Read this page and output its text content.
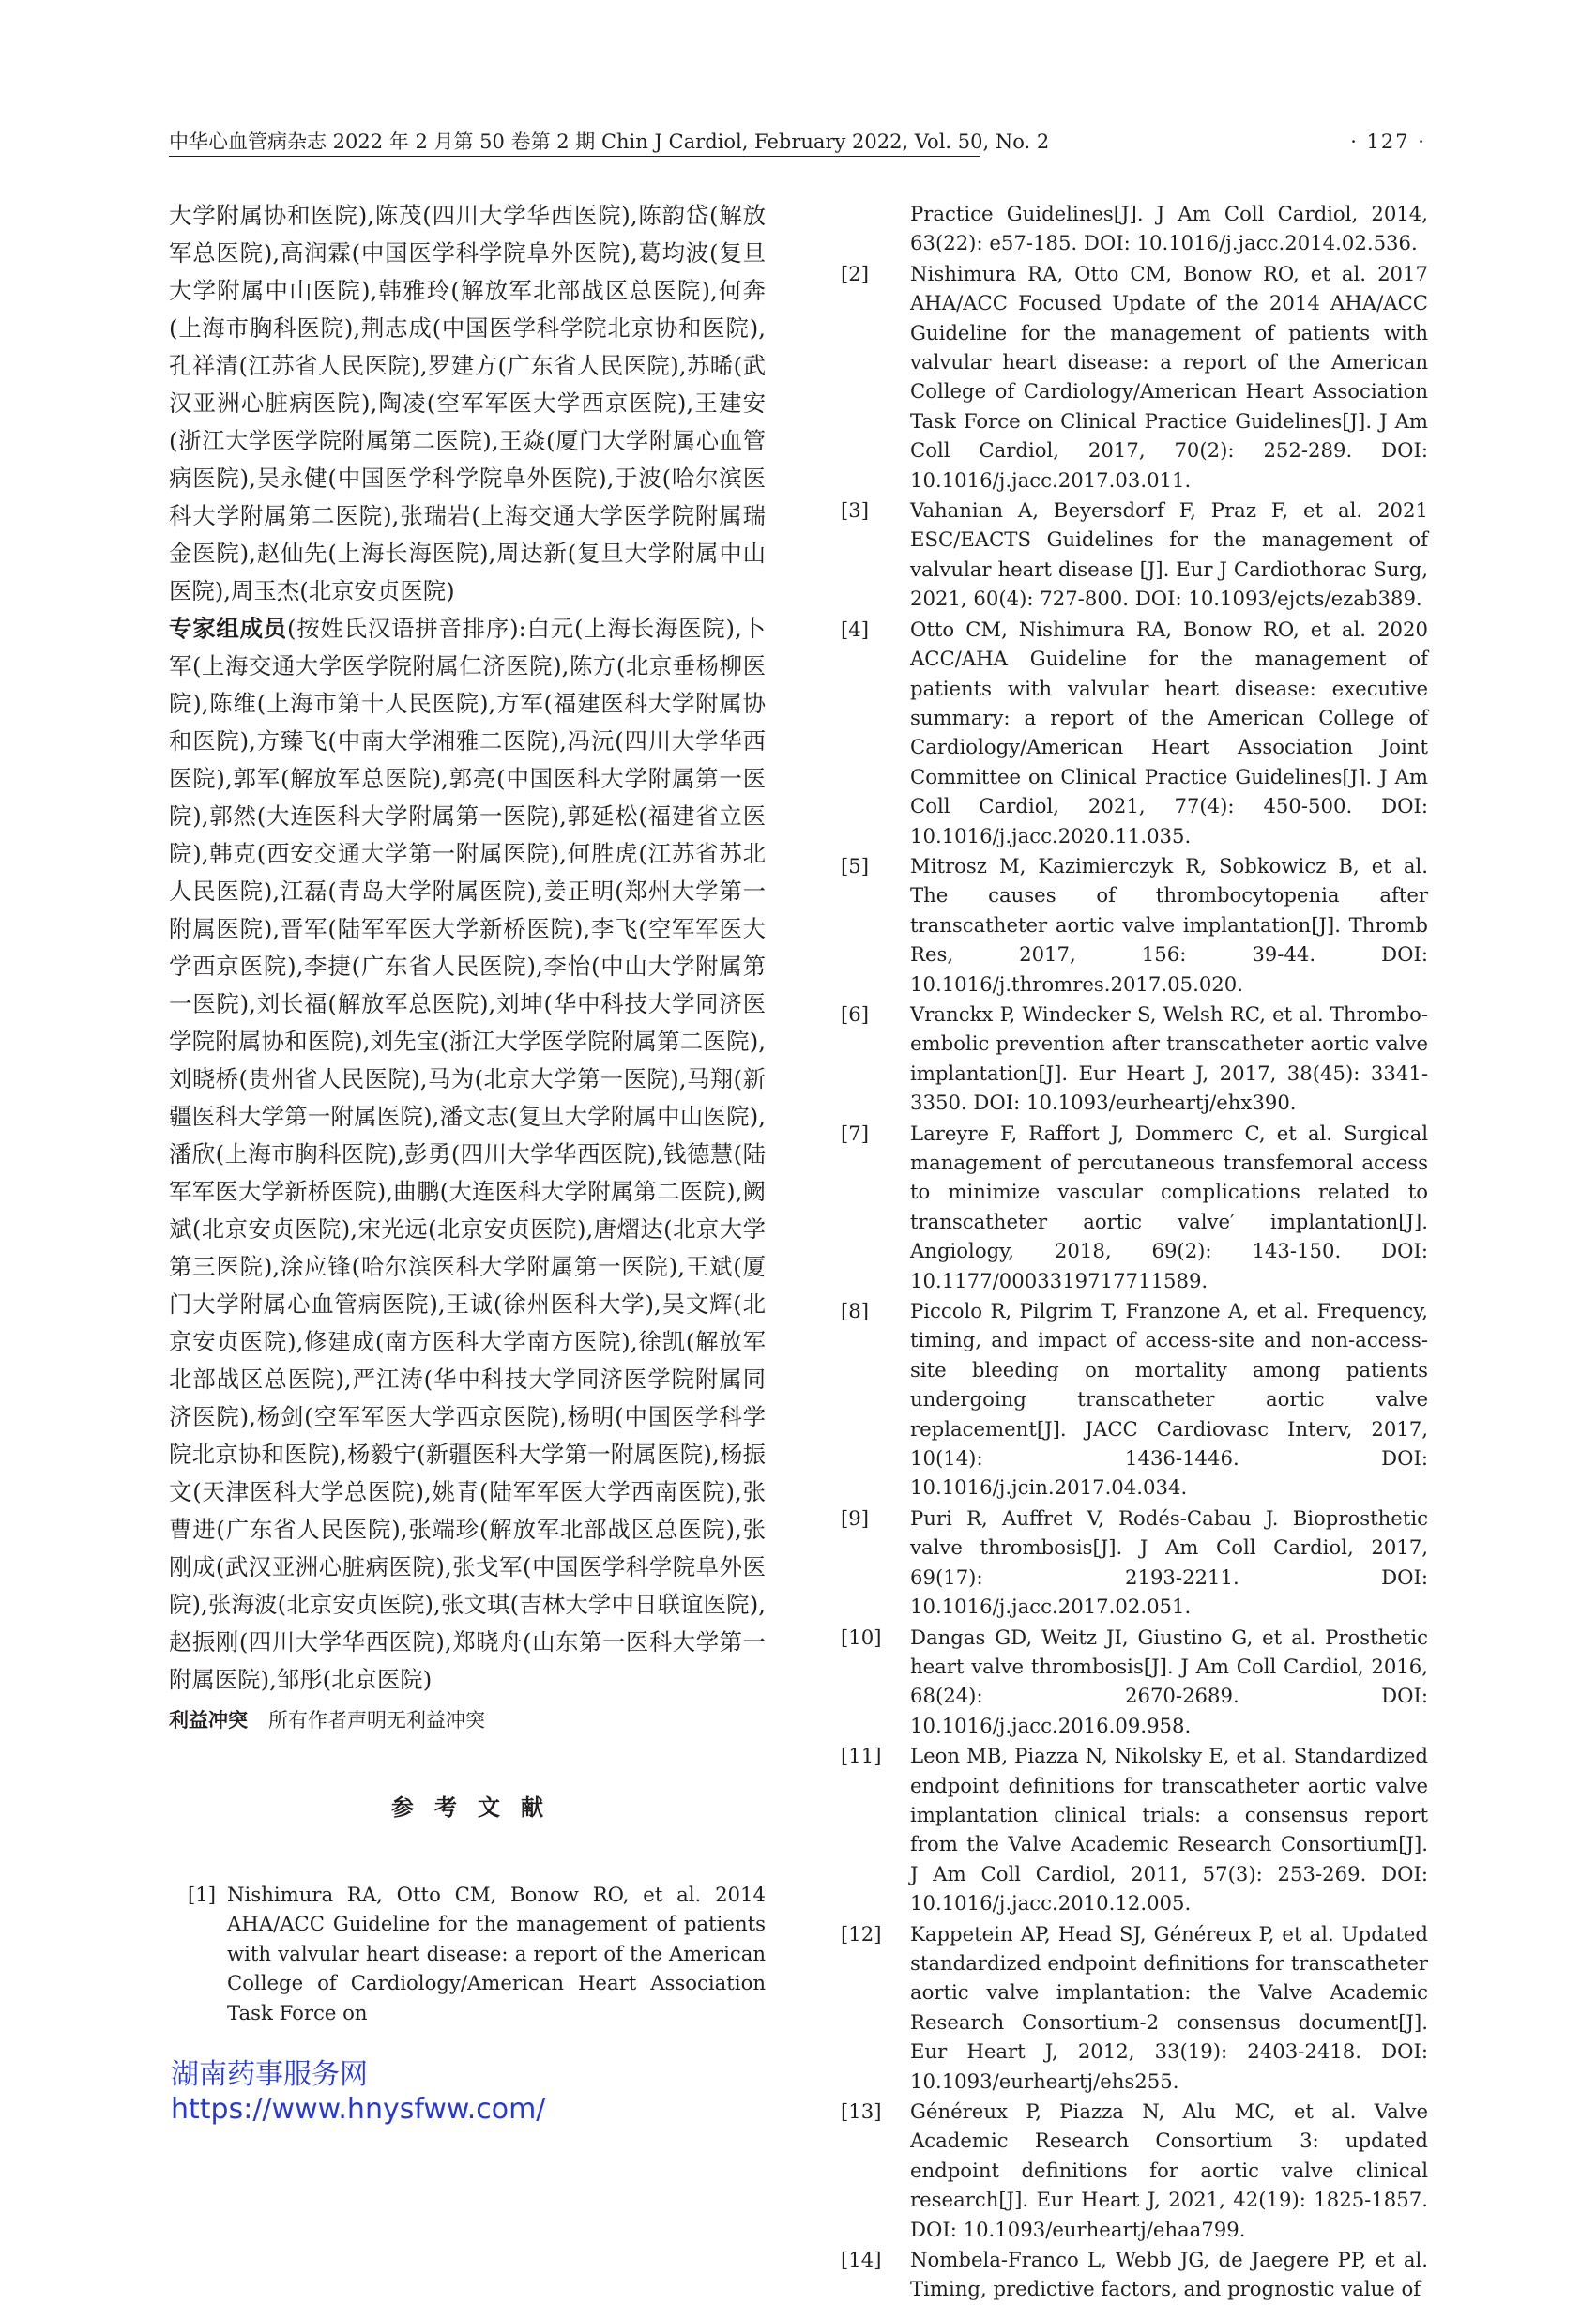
中华心血管病杂志 2022 年 2 月第 50 卷第 2 期 Chin J Cardiol, February 2022, Vol. 50, No. 2	· 127 ·

大学附属协和医院),陈茂(四川大学华西医院),陈韵岱(解放军总医院),高润霖(中国医学科学院阜外医院),葛均波(复旦大学附属中山医院),韩雅玲(解放军北部战区总医院),何奔(上海市胸科医院),荆志成(中国医学科学院北京协和医院),孔祥清(江苏省人民医院),罗建方(广东省人民医院),苏晞(武汉亚洲心脏病医院),陶凌(空军军医大学西京医院),王建安(浙江大学医学院附属第二医院),王焱(厦门大学附属心血管病医院),吴永健(中国医学科学院阜外医院),于波(哈尔滨医科大学附属第二医院),张瑞岩(上海交通大学医学院附属瑞金医院),赵仙先(上海长海医院),周达新(复旦大学附属中山医院),周玉杰(北京安贞医院)

专家组成员(按姓氏汉语拼音排序):白元(上海长海医院),卜军(上海交通大学医学院附属仁济医院),陈方(北京垂杨柳医院),陈维(上海市第十人民医院),方军(福建医科大学附属协和医院),方臻飞(中南大学湘雅二医院),冯沅(四川大学华西医院),郭军(解放军总医院),郭亮(中国医科大学附属第一医院),郭然(大连医科大学附属第一医院),郭延松(福建省立医院),韩克(西安交通大学第一附属医院),何胜虎(江苏省苏北人民医院),江磊(青岛大学附属医院),姜正明(郑州大学第一附属医院),晋军(陆军军医大学新桥医院),李飞(空军军医大学西京医院),李捷(广东省人民医院),李怡(中山大学附属第一医院),刘长福(解放军总医院),刘坤(华中科技大学同济医学院附属协和医院),刘先宝(浙江大学医学院附属第二医院),刘晓桥(贵州省人民医院),马为(北京大学第一医院),马翔(新疆医科大学第一附属医院),潘文志(复旦大学附属中山医院),潘欣(上海市胸科医院),彭勇(四川大学华西医院),钱德慧(陆军军医大学新桥医院),曲鹏(大连医科大学附属第二医院),阙斌(北京安贞医院),宋光远(北京安贞医院),唐熠达(北京大学第三医院),涂应锋(哈尔滨医科大学附属第一医院),王斌(厦门大学附属心血管病医院),王诚(徐州医科大学),吴文辉(北京安贞医院),修建成(南方医科大学南方医院),徐凯(解放军北部战区总医院),严江涛(华中科技大学同济医学院附属同济医院),杨剑(空军军医大学西京医院),杨明(中国医学科学院北京协和医院),杨毅宁(新疆医科大学第一附属医院),杨振文(天津医科大学总医院),姚青(陆军军医大学西南医院),张曹进(广东省人民医院),张端珍(解放军北部战区总医院),张刚成(武汉亚洲心脏病医院),张戈军(中国医学科学院阜外医院),张海波(北京安贞医院),张文琪(吉林大学中日联谊医院),赵振刚(四川大学华西医院),郑晓舟(山东第一医科大学第一附属医院),邹彤(北京医院)

利益冲突 所有作者声明无利益冲突

参考文献
[1] Nishimura RA, Otto CM, Bonow RO, et al. 2014 AHA/ACC Guideline for the management of patients with valvular heart disease: a report of the American College of Cardiology/American Heart Association Task Force on

Practice Guidelines[J]. J Am Coll Cardiol, 2014, 63(22): e57-185. DOI: 10.1016/j.jacc.2014.02.536.

[2]	Nishimura RA, Otto CM, Bonow RO, et al. 2017 AHA/ACC Focused Update of the 2014 AHA/ACC Guideline for the management of patients with valvular heart disease: a report of the American College of Cardiology/American Heart Association Task Force on Clinical Practice Guidelines[J]. J Am Coll Cardiol, 2017, 70(2): 252-289. DOI: 10.1016/j.jacc.2017.03.011.
[3]	Vahanian A, Beyersdorf F, Praz F, et al. 2021 ESC/EACTS Guidelines for the management of valvular heart disease [J]. Eur J Cardiothorac Surg, 2021, 60(4): 727-800. DOI: 10.1093/ejcts/ezab389.
[4]	Otto CM, Nishimura RA, Bonow RO, et al. 2020 ACC/AHA Guideline for the management of patients with valvular heart disease: executive summary: a report of the American College of Cardiology/American Heart Association Joint Committee on Clinical Practice Guidelines[J]. J Am Coll Cardiol, 2021, 77(4): 450-500. DOI: 10.1016/j.jacc.2020.11.035.
[5]	Mitrosz M, Kazimierczyk R, Sobkowicz B, et al. The causes of thrombocytopenia after transcatheter aortic valve implantation[J]. Thromb Res, 2017, 156: 39-44. DOI: 10.1016/j.thromres.2017.05.020.
[6]	Vranckx P, Windecker S, Welsh RC, et al. Thrombo-embolic prevention after transcatheter aortic valve implantation[J]. Eur Heart J, 2017, 38(45): 3341-3350. DOI: 10.1093/eurheartj/ehx390.
[7]	Lareyre F, Raffort J, Dommerc C, et al. Surgical management of percutaneous transfemoral access to minimize vascular complications related to transcatheter aortic valve′ implantation[J]. Angiology, 2018, 69(2): 143-150. DOI: 10.1177/0003319717711589.
[8]	Piccolo R, Pilgrim T, Franzone A, et al. Frequency, timing, and impact of access-site and non-access-site bleeding on mortality among patients undergoing transcatheter aortic valve replacement[J]. JACC Cardiovasc Interv, 2017, 10(14): 1436-1446. DOI: 10.1016/j.jcin.2017.04.034.
[9]	Puri R, Auffret V, Rodés-Cabau J. Bioprosthetic valve thrombosis[J]. J Am Coll Cardiol, 2017, 69(17): 2193-2211. DOI: 10.1016/j.jacc.2017.02.051.
[10]	Dangas GD, Weitz JI, Giustino G, et al. Prosthetic heart valve thrombosis[J]. J Am Coll Cardiol, 2016, 68(24): 2670-2689. DOI: 10.1016/j.jacc.2016.09.958.
[11]	Leon MB, Piazza N, Nikolsky E, et al. Standardized endpoint definitions for transcatheter aortic valve implantation clinical trials: a consensus report from the Valve Academic Research Consortium[J]. J Am Coll Cardiol, 2011, 57(3): 253-269. DOI: 10.1016/j.jacc.2010.12.005.
[12]	Kappetein AP, Head SJ, Généreux P, et al. Updated standardized endpoint definitions for transcatheter aortic valve implantation: the Valve Academic Research Consortium-2 consensus document[J]. Eur Heart J, 2012, 33(19): 2403-2418. DOI: 10.1093/eurheartj/ehs255.
[13]	Généreux P, Piazza N, Alu MC, et al. Valve Academic Research Consortium 3: updated endpoint definitions for aortic valve clinical research[J]. Eur Heart J, 2021, 42(19): 1825-1857. DOI: 10.1093/eurheartj/ehaa799.
[14]	Nombela-Franco L, Webb JG, de Jaegere PP, et al. Timing, predictive factors, and prognostic value of
湖南药事服务网
https://www.hnysfww.com/
